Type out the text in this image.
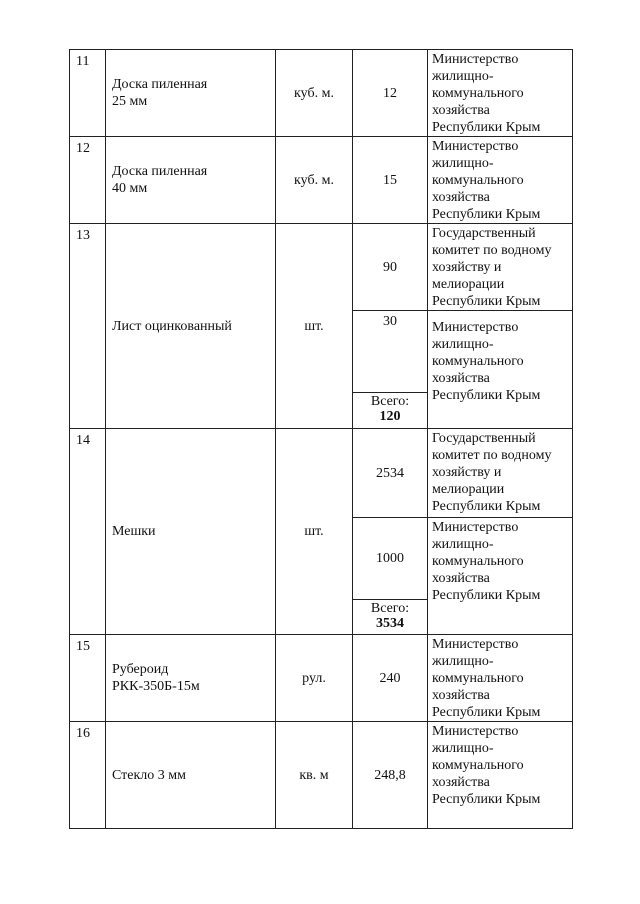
11	Доска пиленная
25 мм	куб. м.	12	Министерство
жилищно-
коммунального
хозяйства
Республики Крым

12	Доска пиленная
40 мм	куб. м.	15	Министерство
жилищно-
коммунального
хозяйства
Республики Крым

13	Лист оцинкованный	шт.	90	Государственный
комитет по водному
хозяйству и
мелиорации
Республики Крым

			30	Министерство
жилищно-
коммунального
хозяйства
Республики Крым

			Всего:
120	

14	Мешки	шт.	2534	Государственный
комитет по водному
хозяйству и
мелиорации
Республики Крым

			1000	Министерство
жилищно-
коммунального
хозяйства
Республики Крым

			Всего:
3534	

15	Рубероид
РКК-350Б-15м	рул.	240	Министерство
жилищно-
коммунального
хозяйства
Республики Крым

16	Стекло 3 мм	кв. м	248,8	Министерство
жилищно-
коммунального
хозяйства
Республики Крым
